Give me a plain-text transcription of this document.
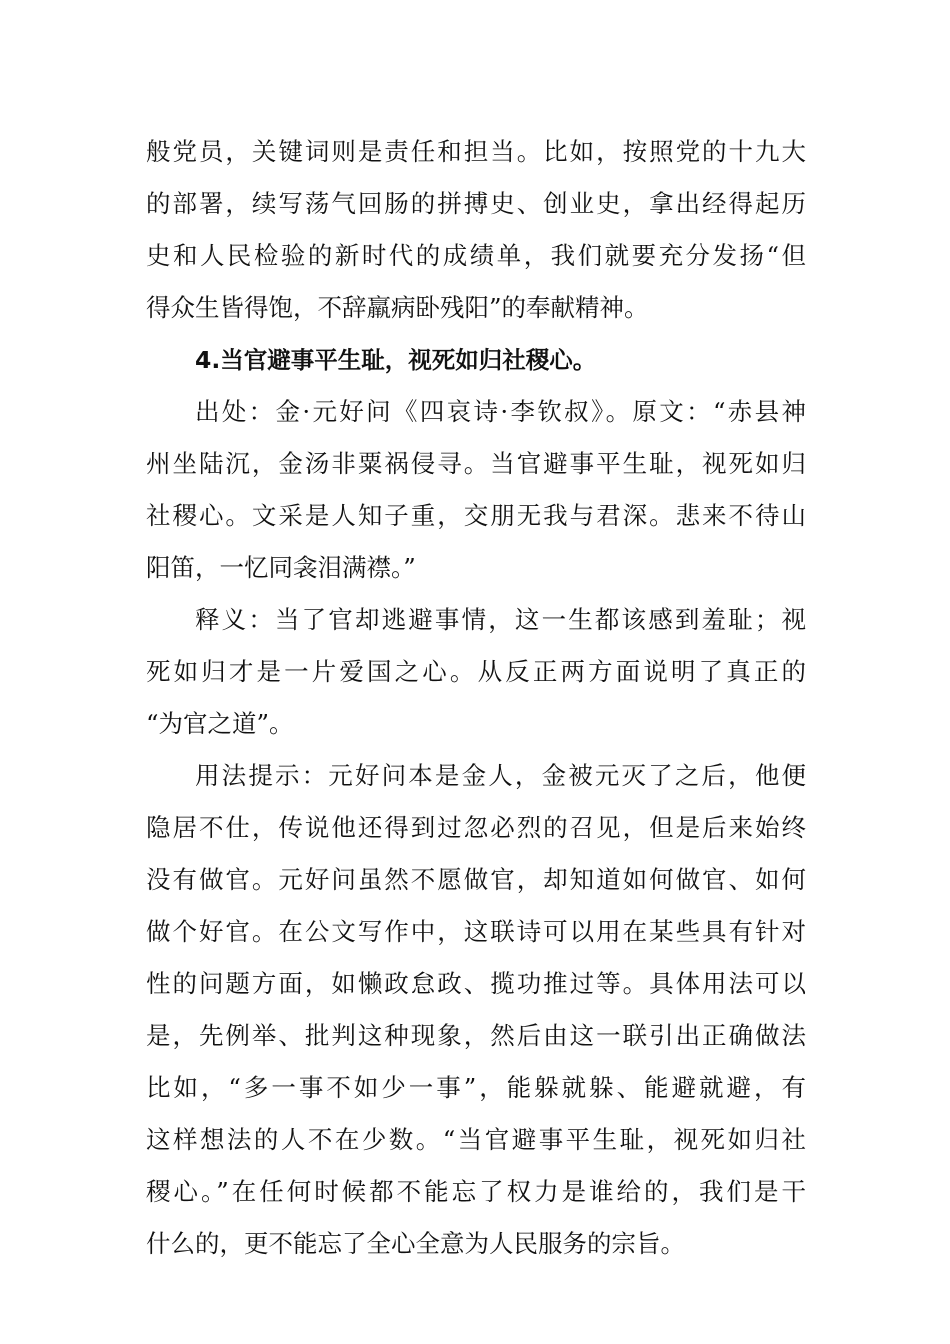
般党员，关键词则是责任和担当。比如，按照党的十九大
的部署，续写荡气回肠的拼搏史、创业史，拿出经得起历
史和人民检验的新时代的成绩单，我们就要充分发扬“但
得众生皆得饱，不辞羸病卧残阳”的奉献精神。
4.当官避事平生耻，视死如归社稷心。
出处：金·元好问《四哀诗·李钦叔》。原文：“赤县神
州坐陆沉，金汤非粟祸侵寻。当官避事平生耻，视死如归
社稷心。文采是人知子重，交朋无我与君深。悲来不待山
阳笛，一忆同衾泪满襟。”
释义：当了官却逃避事情，这一生都该感到羞耻；视
死如归才是一片爱国之心。从反正两方面说明了真正的
“为官之道”。
用法提示：元好问本是金人，金被元灭了之后，他便
隐居不仕，传说他还得到过忽必烈的召见，但是后来始终
没有做官。元好问虽然不愿做官，却知道如何做官、如何
做个好官。在公文写作中，这联诗可以用在某些具有针对
性的问题方面，如懒政怠政、揽功推过等。具体用法可以
是，先例举、批判这种现象，然后由这一联引出正确做法
比如，“多一事不如少一事”，能躲就躲、能避就避，有
这样想法的人不在少数。“当官避事平生耻，视死如归社
稷心。”在任何时候都不能忘了权力是谁给的，我们是干
什么的，更不能忘了全心全意为人民服务的宗旨。
